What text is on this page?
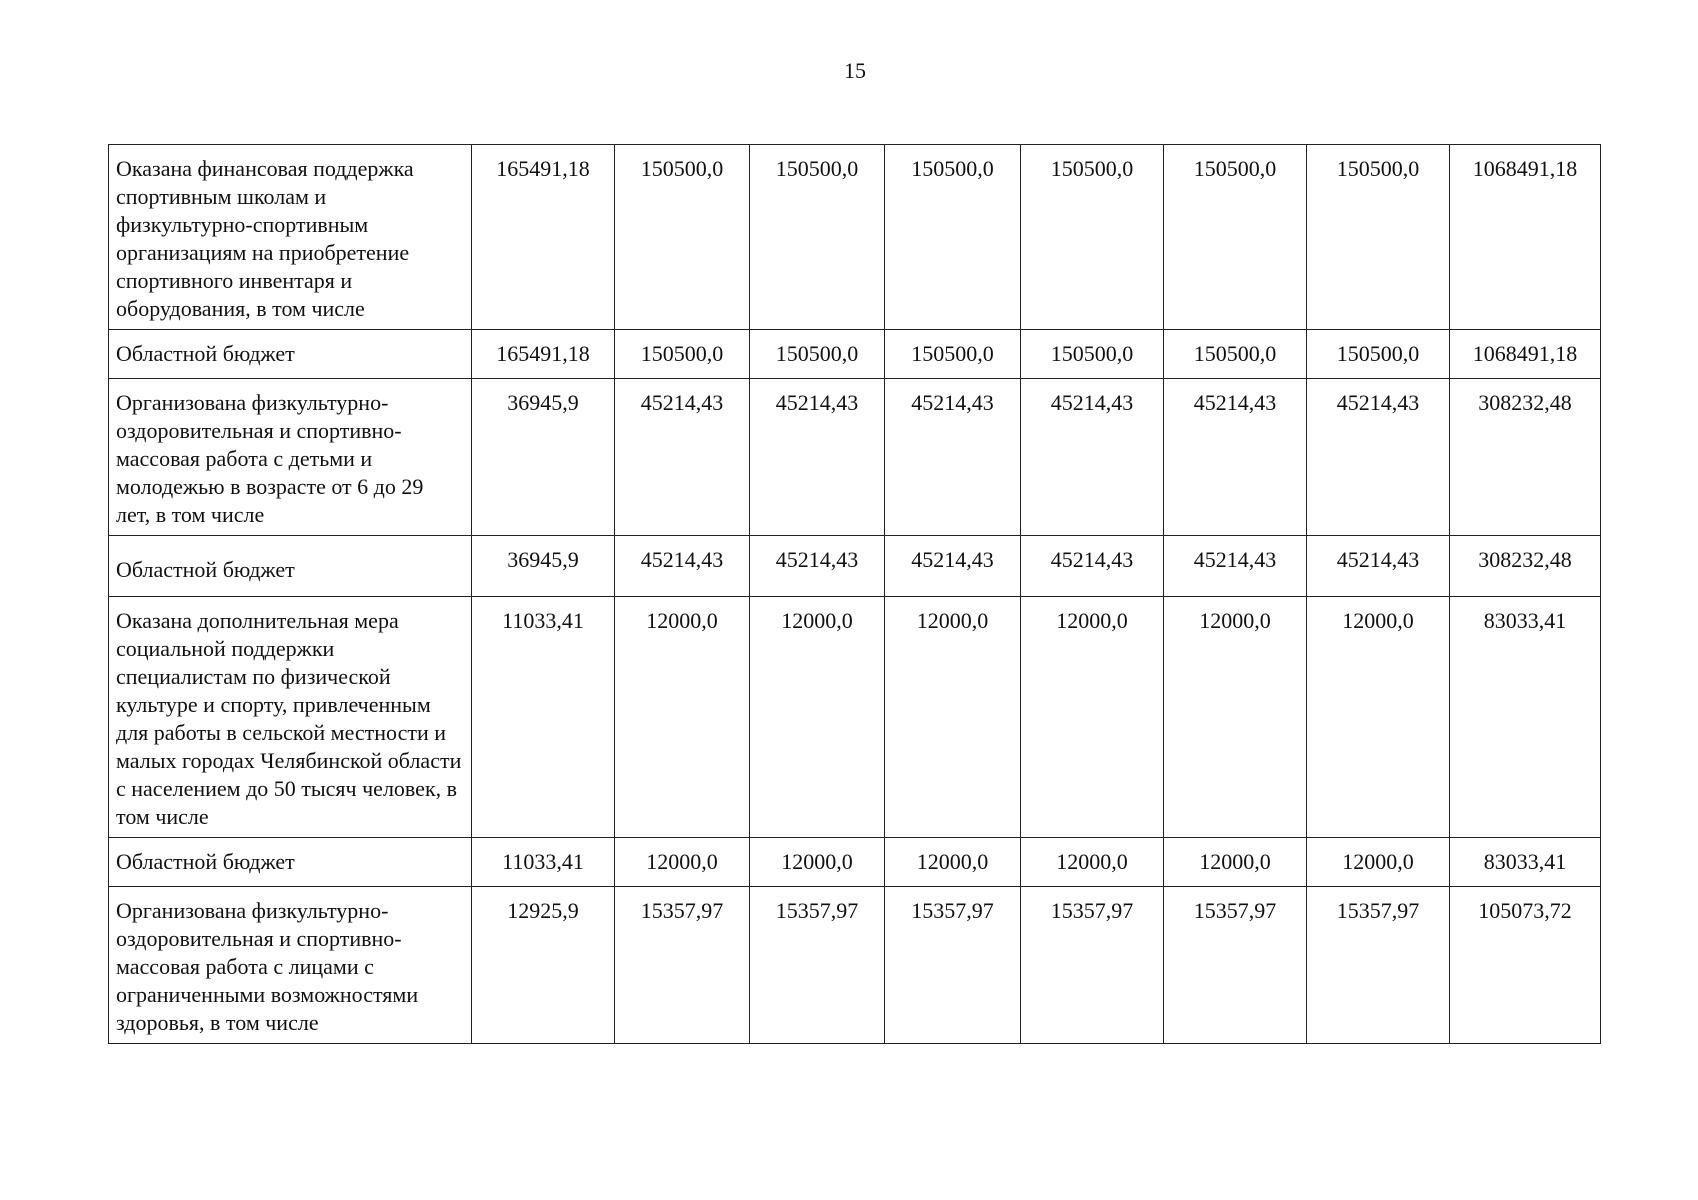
15
Оказана финансовая поддержка спортивным школам и физкультурно-спортивным организациям на приобретение спортивного инвентаря и оборудования, в том числе	165491,18	150500,0	150500,0	150500,0	150500,0	150500,0	150500,0	1068491,18
Областной бюджет	165491,18	150500,0	150500,0	150500,0	150500,0	150500,0	150500,0	1068491,18
Организована физкультурно-оздоровительная и спортивно-массовая работа с детьми и молодежью в возрасте от 6 до 29 лет, в том числе	36945,9	45214,43	45214,43	45214,43	45214,43	45214,43	45214,43	308232,48
Областной бюджет	36945,9	45214,43	45214,43	45214,43	45214,43	45214,43	45214,43	308232,48
Оказана дополнительная мера социальной поддержки специалистам по физической культуре и спорту, привлеченным для работы в сельской местности и малых городах Челябинской области с населением до 50 тысяч человек, в том числе	11033,41	12000,0	12000,0	12000,0	12000,0	12000,0	12000,0	83033,41
Областной бюджет	11033,41	12000,0	12000,0	12000,0	12000,0	12000,0	12000,0	83033,41
Организована физкультурно-оздоровительная и спортивно-массовая работа с лицами с ограниченными возможностями здоровья, в том числе	12925,9	15357,97	15357,97	15357,97	15357,97	15357,97	15357,97	105073,72
